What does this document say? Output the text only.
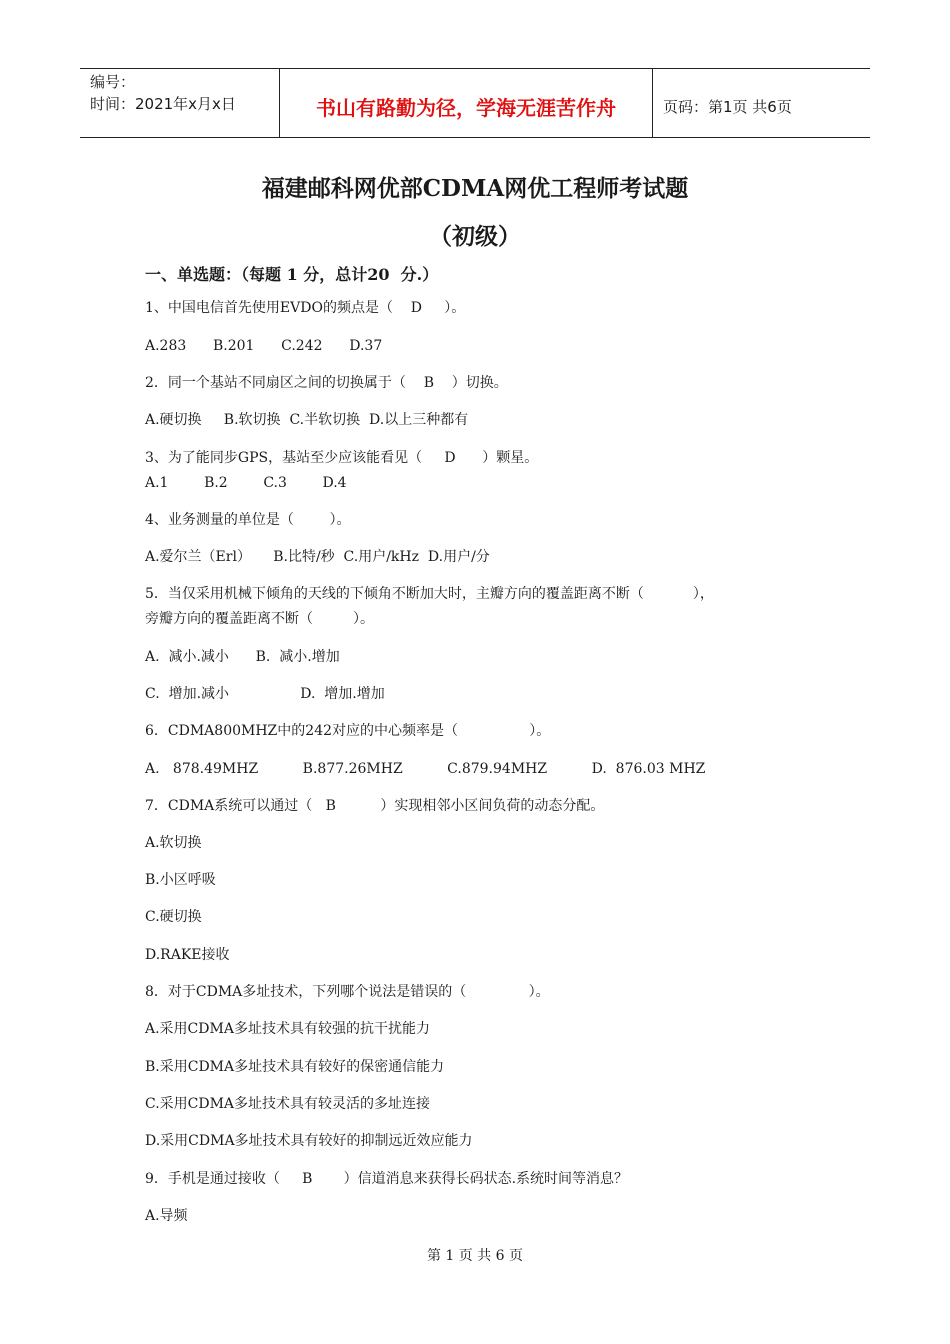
编号：
时间：2021年x月x日	书山有路勤为径，学海无涯苦作舟	页码：第1页 共6页
福建邮科网优部CDMA网优工程师考试题
（初级）
一、单选题：（每题 1 分，总计20  分.）
1、中国电信首先使用EVDO的频点是（    D     ）。
A.283      B.201      C.242      D.37
2．同一个基站不同扇区之间的切换属于（    B    ）切换。
A.硬切换     B.软切换  C.半软切换  D.以上三种都有
3、为了能同步GPS，基站至少应该能看见（     D      ）颗星。
A.1        B.2        C.3        D.4
4、业务测量的单位是（        ）。
A.爱尔兰（Erl）     B.比特/秒  C.用户/kHz  D.用户/分
5．当仅采用机械下倾角的天线的下倾角不断加大时，主瓣方向的覆盖距离不断（           ），
旁瓣方向的覆盖距离不断（         ）。
A.  减小.减小      B.  减小.增加
C.  增加.减小                D.  增加.增加
6．CDMA800MHZ中的242对应的中心频率是（                ）。
A.   878.49MHZ          B.877.26MHZ          C.879.94MHZ          D.  876.03 MHZ
7．CDMA系统可以通过（   B          ）实现相邻小区间负荷的动态分配。
A.软切换
B.小区呼吸
C.硬切换
D.RAKE接收
8．对于CDMA多址技术，下列哪个说法是错误的（              ）。
A.采用CDMA多址技术具有较强的抗干扰能力
B.采用CDMA多址技术具有较好的保密通信能力
C.采用CDMA多址技术具有较灵活的多址连接
D.采用CDMA多址技术具有较好的抑制远近效应能力
9．手机是通过接收（     B       ）信道消息来获得长码状态.系统时间等消息？
A.导频
第 1 页 共 6 页
